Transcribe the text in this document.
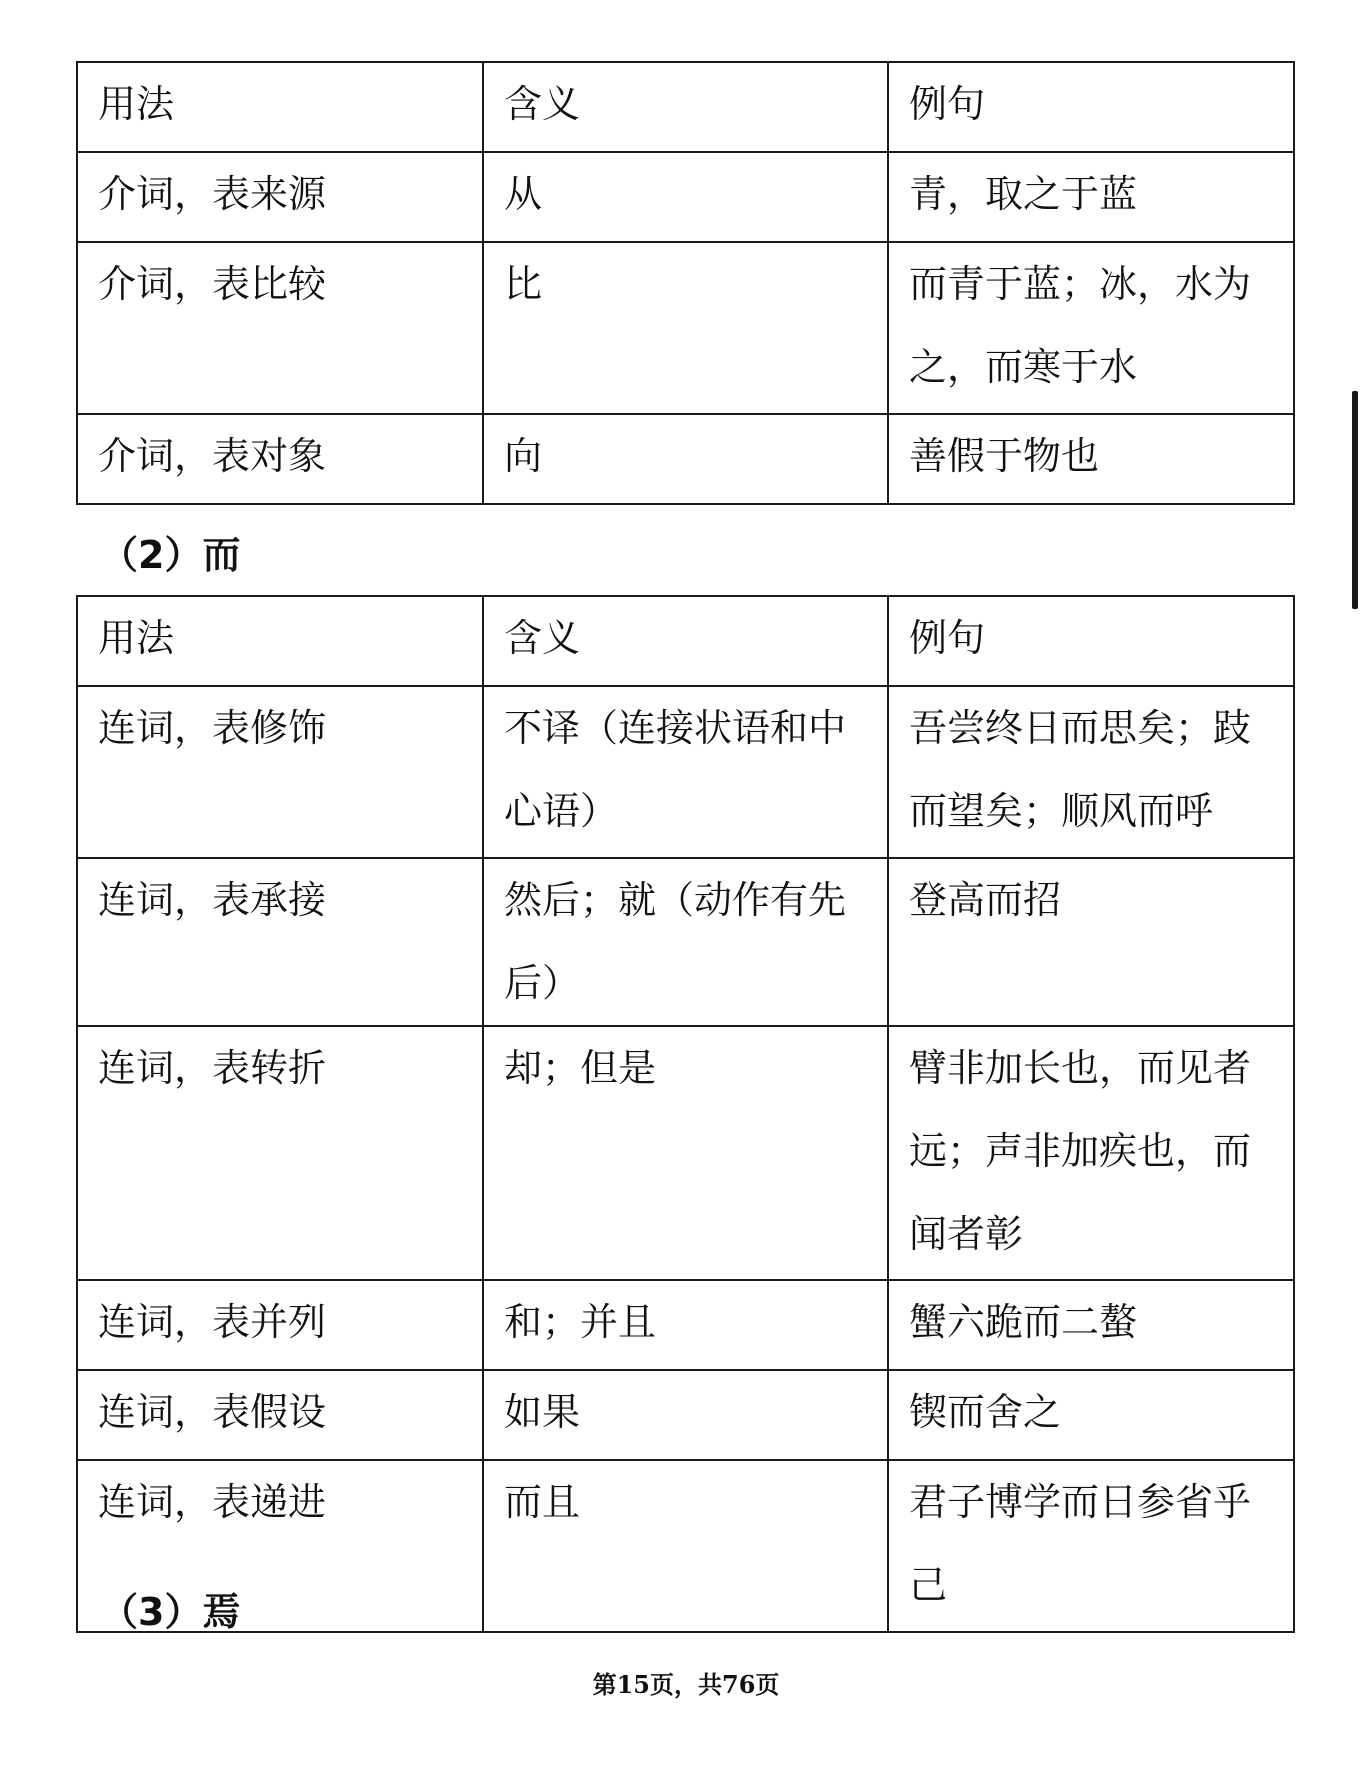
用法	含义	例句
介词，表来源	从	青，取之于蓝
介词，表比较	比	而青于蓝；冰，水为之，而寒于水
介词，表对象	向	善假于物也
（2）而
用法	含义	例句
连词，表修饰	不译（连接状语和中心语）	吾尝终日而思矣；跂而望矣；顺风而呼
连词，表承接	然后；就（动作有先后）	登高而招
连词，表转折	却；但是	臂非加长也，而见者远；声非加疾也，而闻者彰
连词，表并列	和；并且	蟹六跪而二螯
连词，表假设	如果	锲而舍之
连词，表递进	而且	君子博学而日参省乎己
（3）焉
第15页，共76页
